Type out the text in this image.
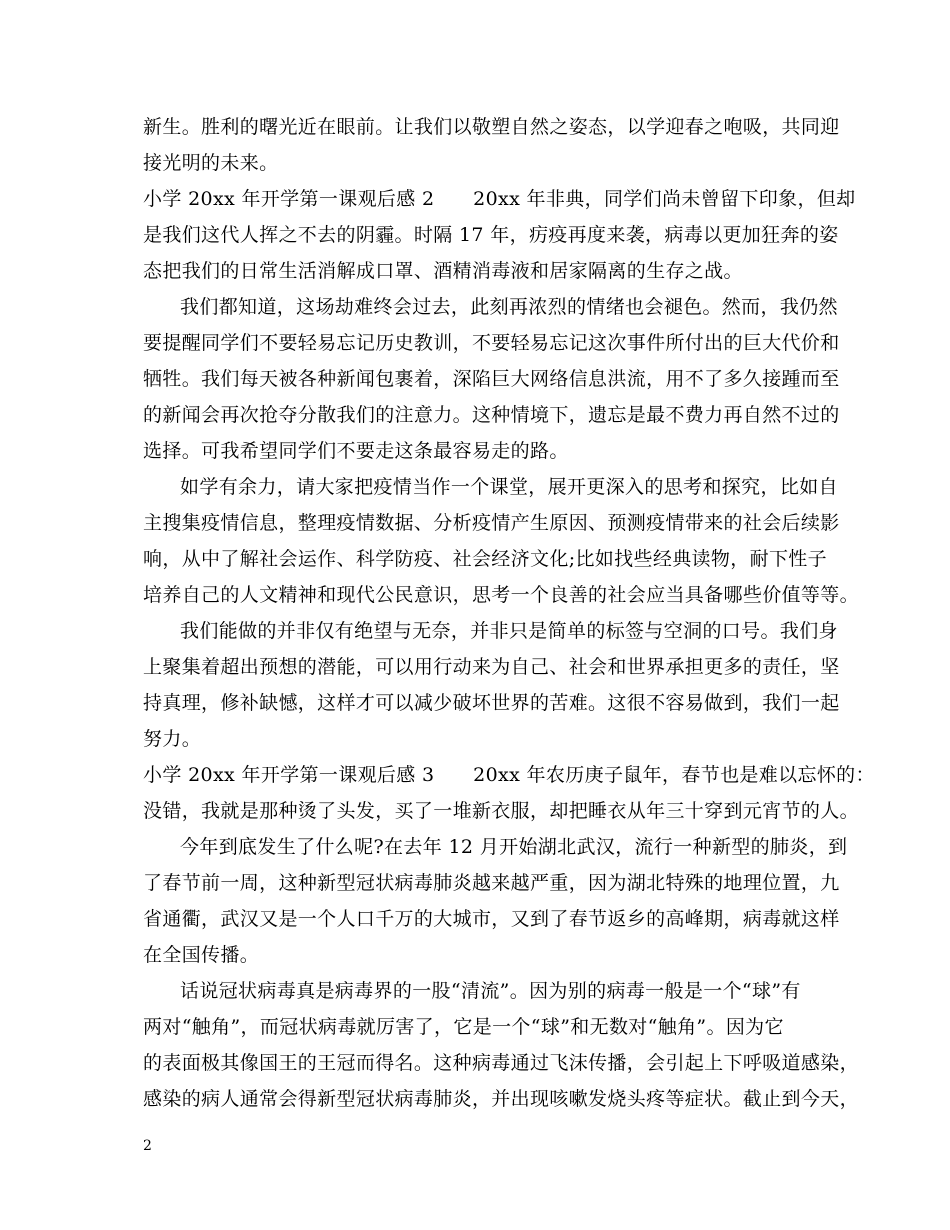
新生。胜利的曙光近在眼前。让我们以敬塑自然之姿态，以学迎春之咆吸，共同迎
接光明的未来。
小学 20xx 年开学第一课观后感 2　　20xx 年非典，同学们尚未曾留下印象，但却
是我们这代人挥之不去的阴霾。时隔 17 年，疠疫再度来袭，病毒以更加狂奔的姿
态把我们的日常生活消解成口罩、酒精消毒液和居家隔离的生存之战。
我们都知道，这场劫难终会过去，此刻再浓烈的情绪也会褪色。然而，我仍然
要提醒同学们不要轻易忘记历史教训，不要轻易忘记这次事件所付出的巨大代价和
牺牲。我们每天被各种新闻包裹着，深陷巨大网络信息洪流，用不了多久接踵而至
的新闻会再次抢夺分散我们的注意力。这种情境下，遗忘是最不费力再自然不过的
选择。可我希望同学们不要走这条最容易走的路。
如学有余力，请大家把疫情当作一个课堂，展开更深入的思考和探究，比如自
主搜集疫情信息，整理疫情数据、分析疫情产生原因、预测疫情带来的社会后续影
响，从中了解社会运作、科学防疫、社会经济文化;比如找些经典读物，耐下性子
培养自己的人文精神和现代公民意识，思考一个良善的社会应当具备哪些价值等等。
我们能做的并非仅有绝望与无奈，并非只是简单的标签与空洞的口号。我们身
上聚集着超出预想的潜能，可以用行动来为自己、社会和世界承担更多的责任，坚
持真理，修补缺憾，这样才可以减少破坏世界的苦难。这很不容易做到，我们一起
努力。
小学 20xx 年开学第一课观后感 3　　20xx 年农历庚子鼠年，春节也是难以忘怀的：
没错，我就是那种烫了头发，买了一堆新衣服，却把睡衣从年三十穿到元宵节的人。
今年到底发生了什么呢?在去年 12 月开始湖北武汉，流行一种新型的肺炎，到
了春节前一周，这种新型冠状病毒肺炎越来越严重，因为湖北特殊的地理位置，九
省通衢，武汉又是一个人口千万的大城市，又到了春节返乡的高峰期，病毒就这样
在全国传播。
话说冠状病毒真是病毒界的一股“清流”。因为别的病毒一般是一个“球”有
两对“触角”，而冠状病毒就厉害了，它是一个“球”和无数对“触角”。因为它
的表面极其像国王的王冠而得名。这种病毒通过飞沫传播，会引起上下呼吸道感染，
感染的病人通常会得新型冠状病毒肺炎，并出现咳嗽发烧头疼等症状。截止到今天，
2
